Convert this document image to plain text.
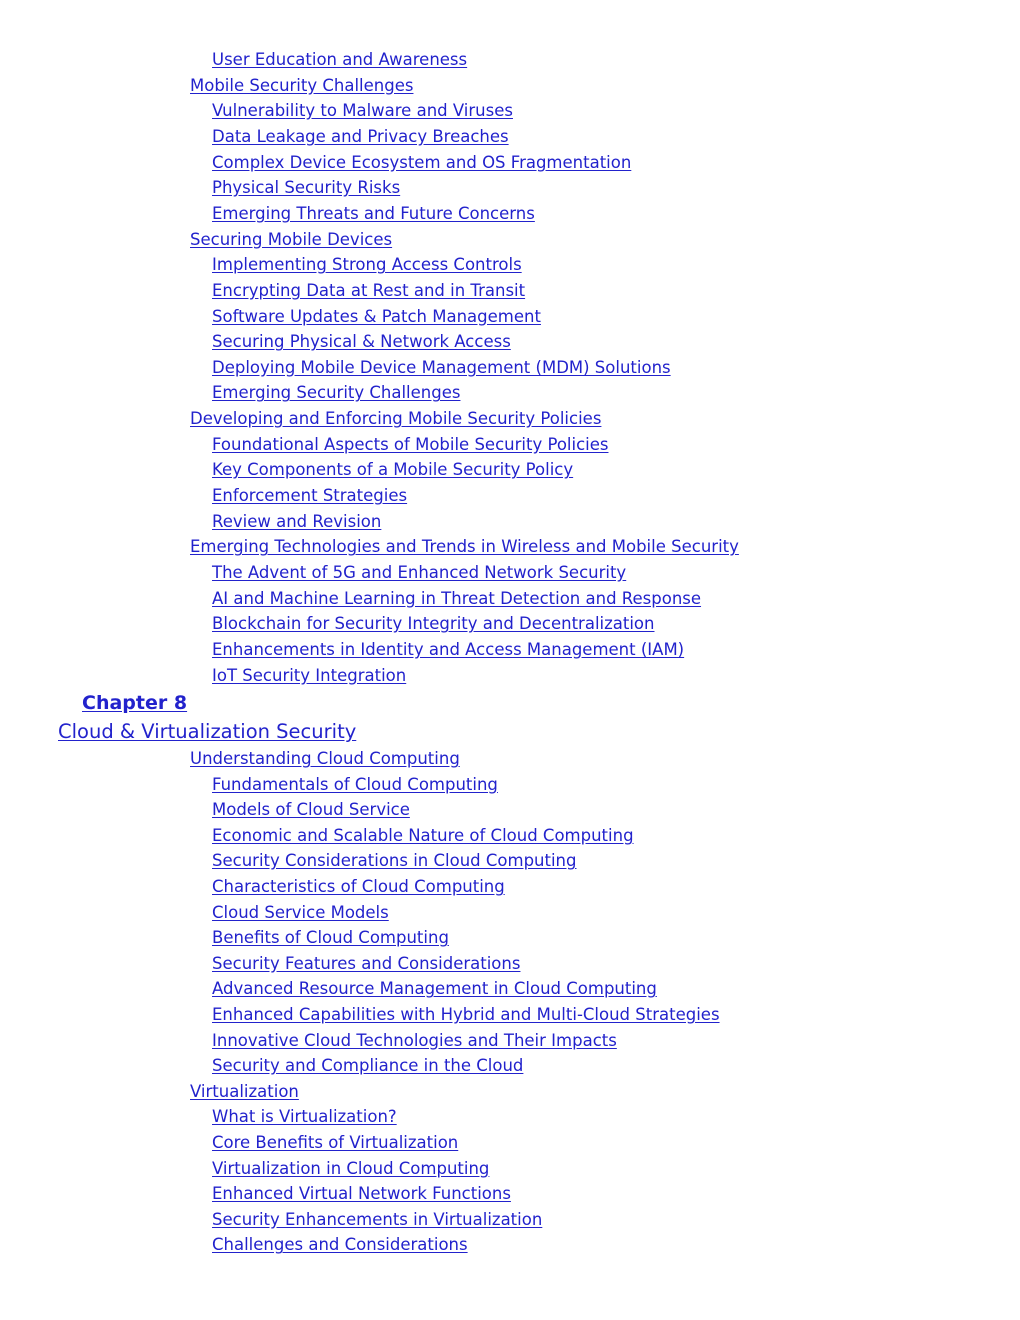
Chapter 8
Cloud & Virtualization Security
User Education and Awareness
Mobile Security Challenges
Vulnerability to Malware and Viruses
Data Leakage and Privacy Breaches
Complex Device Ecosystem and OS Fragmentation
Physical Security Risks
Emerging Threats and Future Concerns
Securing Mobile Devices
Implementing Strong Access Controls
Encrypting Data at Rest and in Transit
Software Updates & Patch Management
Securing Physical & Network Access
Deploying Mobile Device Management (MDM) Solutions
Emerging Security Challenges
Developing and Enforcing Mobile Security Policies
Foundational Aspects of Mobile Security Policies
Key Components of a Mobile Security Policy
Enforcement Strategies
Review and Revision
Emerging Technologies and Trends in Wireless and Mobile Security
The Advent of 5G and Enhanced Network Security
AI and Machine Learning in Threat Detection and Response
Blockchain for Security Integrity and Decentralization
Enhancements in Identity and Access Management (IAM)
IoT Security Integration
Understanding Cloud Computing
Fundamentals of Cloud Computing
Models of Cloud Service
Economic and Scalable Nature of Cloud Computing
Security Considerations in Cloud Computing
Characteristics of Cloud Computing
Cloud Service Models
Benefits of Cloud Computing
Security Features and Considerations
Advanced Resource Management in Cloud Computing
Enhanced Capabilities with Hybrid and Multi-Cloud Strategies
Innovative Cloud Technologies and Their Impacts
Security and Compliance in the Cloud
Virtualization
What is Virtualization?
Core Benefits of Virtualization
Virtualization in Cloud Computing
Enhanced Virtual Network Functions
Security Enhancements in Virtualization
Challenges and Considerations
